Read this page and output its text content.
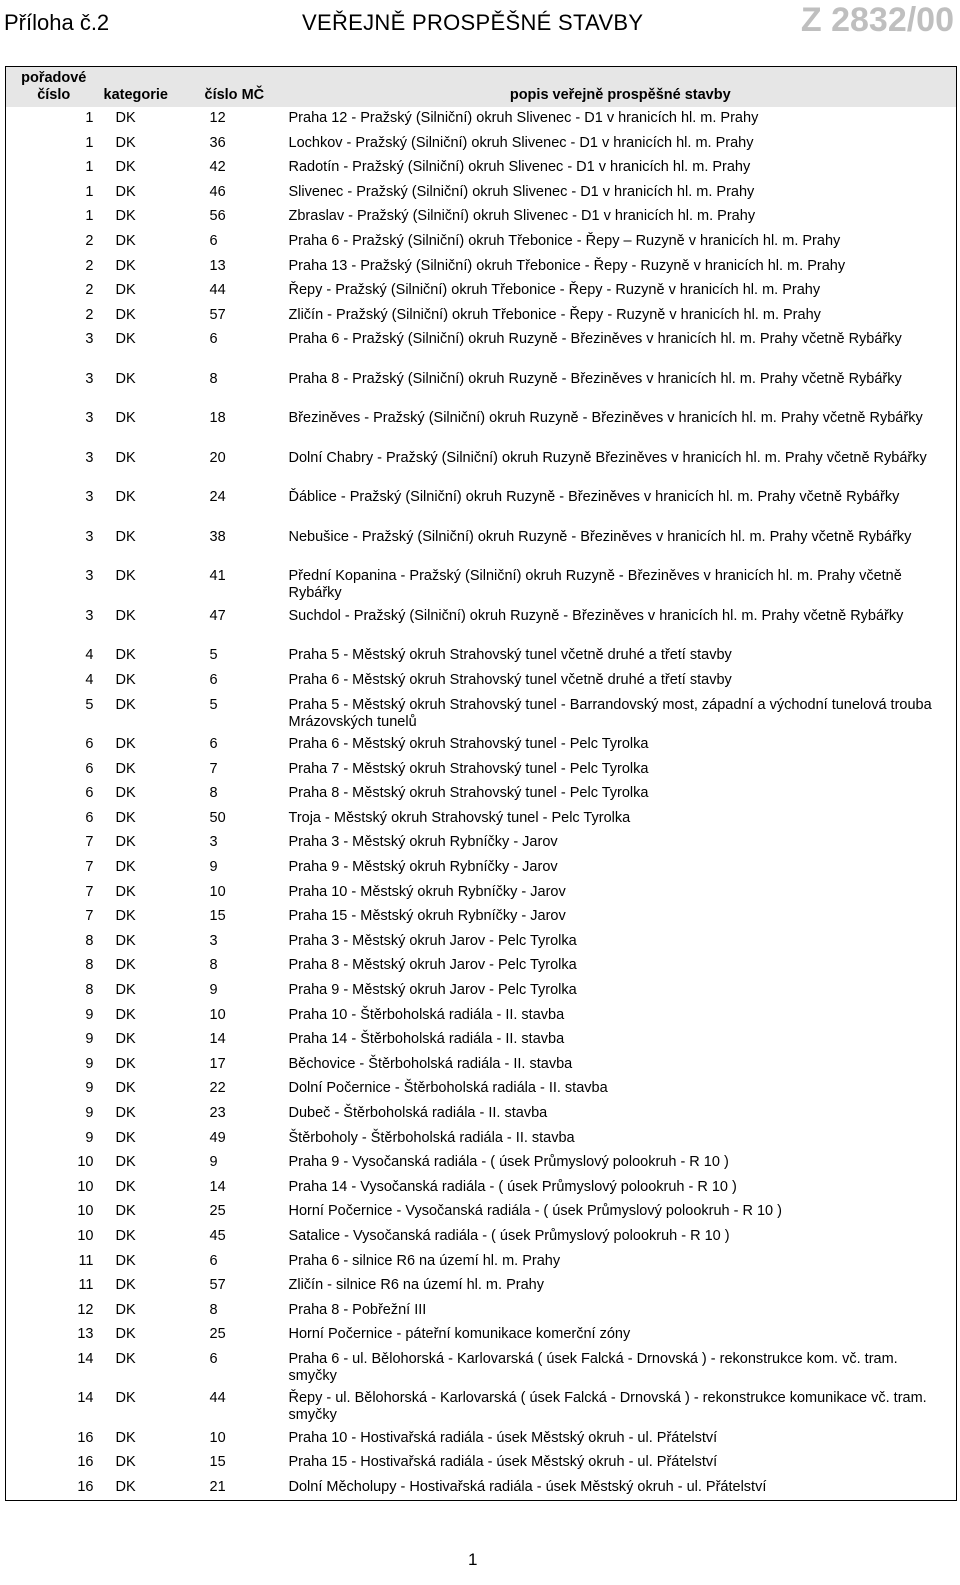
Příloha č.2	VEŘEJNĚ PROSPĚŠNÉ STAVBY	Z 2832/00
pořadové
číslo	kategorie	číslo MČ	popis veřejně prospěšné stavby
1	DK	12	Praha 12 - Pražský (Silniční) okruh Slivenec - D1 v hranicích hl. m. Prahy
1	DK	36	Lochkov - Pražský (Silniční) okruh Slivenec - D1 v hranicích hl. m. Prahy
1	DK	42	Radotín - Pražský (Silniční) okruh Slivenec - D1 v hranicích hl. m. Prahy
1	DK	46	Slivenec - Pražský (Silniční) okruh Slivenec - D1 v hranicích hl. m. Prahy
1	DK	56	Zbraslav - Pražský (Silniční) okruh Slivenec - D1 v hranicích hl. m. Prahy
2	DK	6	Praha 6 - Pražský (Silniční) okruh Třebonice - Řepy – Ruzyně v hranicích hl. m. Prahy
2	DK	13	Praha 13 - Pražský (Silniční) okruh Třebonice - Řepy - Ruzyně v hranicích hl. m. Prahy
2	DK	44	Řepy - Pražský (Silniční) okruh Třebonice - Řepy - Ruzyně v hranicích hl. m. Prahy
2	DK	57	Zličín - Pražský (Silniční) okruh Třebonice - Řepy - Ruzyně v hranicích hl. m. Prahy
3	DK	6	Praha 6 - Pražský (Silniční) okruh Ruzyně - Březiněves v hranicích hl. m. Prahy včetně Rybářky
3	DK	8	Praha 8 - Pražský (Silniční) okruh Ruzyně - Březiněves v hranicích hl. m. Prahy včetně Rybářky
3	DK	18	Březiněves - Pražský (Silniční) okruh Ruzyně - Březiněves v hranicích hl. m. Prahy včetně Rybářky
3	DK	20	Dolní Chabry - Pražský (Silniční) okruh Ruzyně Březiněves v hranicích hl. m. Prahy včetně Rybářky
3	DK	24	Ďáblice - Pražský (Silniční) okruh Ruzyně - Březiněves v hranicích hl. m. Prahy včetně Rybářky
3	DK	38	Nebušice - Pražský (Silniční) okruh Ruzyně - Březiněves v hranicích hl. m. Prahy včetně Rybářky
3	DK	41	Přední Kopanina - Pražský (Silniční) okruh Ruzyně - Březiněves v hranicích hl. m. Prahy včetně Rybářky
3	DK	47	Suchdol - Pražský (Silniční) okruh Ruzyně - Březiněves v hranicích hl. m. Prahy včetně Rybářky
4	DK	5	Praha 5 - Městský okruh Strahovský tunel včetně druhé a třetí stavby
4	DK	6	Praha 6 - Městský okruh Strahovský tunel včetně druhé a třetí stavby
5	DK	5	Praha 5 - Městský okruh Strahovský tunel - Barrandovský most, západní a východní tunelová trouba Mrázovských tunelů
6	DK	6	Praha 6 - Městský okruh Strahovský tunel - Pelc Tyrolka
6	DK	7	Praha 7 - Městský okruh Strahovský tunel - Pelc Tyrolka
6	DK	8	Praha 8 - Městský okruh Strahovský tunel - Pelc Tyrolka
6	DK	50	Troja - Městský okruh Strahovský tunel - Pelc Tyrolka
7	DK	3	Praha 3 - Městský okruh Rybníčky - Jarov
7	DK	9	Praha 9 - Městský okruh Rybníčky - Jarov
7	DK	10	Praha 10 - Městský okruh Rybníčky - Jarov
7	DK	15	Praha 15 - Městský okruh Rybníčky - Jarov
8	DK	3	Praha 3 - Městský okruh Jarov - Pelc Tyrolka
8	DK	8	Praha 8 - Městský okruh Jarov - Pelc Tyrolka
8	DK	9	Praha 9 - Městský okruh Jarov - Pelc Tyrolka
9	DK	10	Praha 10 - Štěrboholská radiála - II. stavba
9	DK	14	Praha 14 - Štěrboholská radiála - II. stavba
9	DK	17	Běchovice - Štěrboholská radiála - II. stavba
9	DK	22	Dolní Počernice - Štěrboholská radiála - II. stavba
9	DK	23	Dubeč - Štěrboholská radiála - II. stavba
9	DK	49	Štěrboholy - Štěrboholská radiála - II. stavba
10	DK	9	Praha 9 - Vysočanská radiála - ( úsek Průmyslový polookruh - R 10 )
10	DK	14	Praha 14 - Vysočanská radiála - ( úsek Průmyslový polookruh - R 10 )
10	DK	25	Horní Počernice - Vysočanská radiála - ( úsek Průmyslový polookruh - R 10 )
10	DK	45	Satalice - Vysočanská radiála - ( úsek Průmyslový polookruh - R 10 )
11	DK	6	Praha 6 - silnice R6 na území hl. m. Prahy
11	DK	57	Zličín - silnice R6 na území hl. m. Prahy
12	DK	8	Praha 8 - Pobřežní III
13	DK	25	Horní Počernice - páteřní komunikace komerční zóny
14	DK	6	Praha 6 - ul. Bělohorská - Karlovarská ( úsek Falcká - Drnovská ) - rekonstrukce kom. vč. tram. smyčky
14	DK	44	Řepy - ul. Bělohorská - Karlovarská ( úsek Falcká - Drnovská ) - rekonstrukce komunikace vč. tram. smyčky
16	DK	10	Praha 10 - Hostivařská radiála - úsek Městský okruh - ul. Přátelství
16	DK	15	Praha 15 - Hostivařská radiála - úsek Městský okruh - ul. Přátelství
16	DK	21	Dolní Měcholupy - Hostivařská radiála - úsek Městský okruh - ul. Přátelství
1
